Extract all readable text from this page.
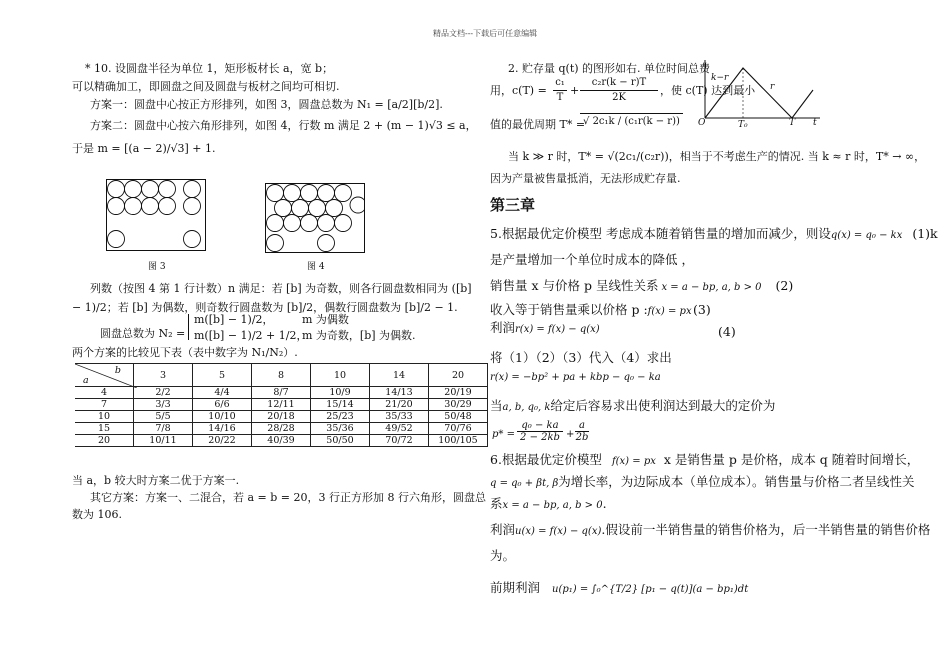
精品文档---下载后可任意编辑
* 10. 设圆盘半径为单位 1，矩形板材长 a，宽 b；
可以精确加工，即圆盘之间及圆盘与板材之间均可相切.
方案一：圆盘中心按正方形排列，如图 3，圆盘总数为 N₁ = [a/2][b/2].
方案二：圆盘中心按六角形排列，如图 4，行数 m 满足 2 + (m − 1)√3 ≤ a，
于是 m = [(a − 2)/√3] + 1.
图 3	图 4
列数（按图 4 第 1 行计数）n 满足：若 [b] 为奇数，则各行圆盘数相同为 ([b]
− 1)/2；若 [b] 为偶数，则奇数行圆盘数为 [b]/2，偶数行圆盘数为 [b]/2 − 1.
圆盘总数为 N₂ =
m([b] − 1)/2，	m 为偶数
m([b] − 1)/2 + 1/2，
m 为奇数，[b] 为偶数.
两个方案的比较见下表（表中数字为 N₁/N₂）.
b
a	3	5	8	10	14	20
4	2/2	4/4	8/7	10/9	14/13	20/19
7	3/3	6/6	12/11	15/14	21/20	30/29
10	5/5	10/10	20/18	25/23	35/33	50/48
15	7/8	14/16	28/28	35/36	49/52	70/76
20	10/11	20/22	40/39	50/50	70/72	100/105
当 a，b 较大时方案二优于方案一.
其它方案：方案一、二混合，若 a = b = 20，3 行正方形加 8 行六角形，圆盘总
数为 106.
2. 贮存量 q(t) 的图形如右. 单位时间总费
用，$c(T) = \frac{\text{c₁}}{T} + \frac{\text{c₂r(k − r)T}}{2K}$ ，使 c(T) 达到最小
值的最优周期 T* =
√ 2c₁k / (c₁r(k − r))
k−r
r
O	T₀	T t
当 k ≫ r 时，T* = √(2c₁/(c₂r))，相当于不考虑生产的情况. 当 k ≈ r 时，T* → ∞，
因为产量被售量抵消，无法形成贮存量.
第三章
5.根据最优定价模型 考虑成本随着销售量的增加而减少，则设q(x) = q₀ − kx (1)k
是产量增加一个单位时成本的降低 ，
销售量 x 与价格 p 呈线性关系 x = a − bp, a, b > 0 (2)
收入等于销售量乘以价格 p :f(x) = px (3)
利润r(x) = f(x) − q(x)	(4)
将（1）（2）（3）代入（4）求出
r(x) = −bp² + pa + kbp − q₀ − ka
当a, b, q₀, k给定后容易求出使利润达到最大的定价为
p* =
q₀ − ka
2 − 2kb +
a
2b
6.根据最优定价模型 f(x) = px x 是销售量 p 是价格，成本 q 随着时间增长，
q = q₀ + βt, β为增长率，为边际成本（单位成本）。销售量与价格二者呈线性关
系x = a − bp, a, b > 0.
利润u(x) = f(x) − q(x).假设前一半销售量的销售价格为，后一半销售量的销售价格
为。
前期利润 u(p₁) = ∫₀^{T/2} [p₁ − q(t)](a − bp₁)dt
